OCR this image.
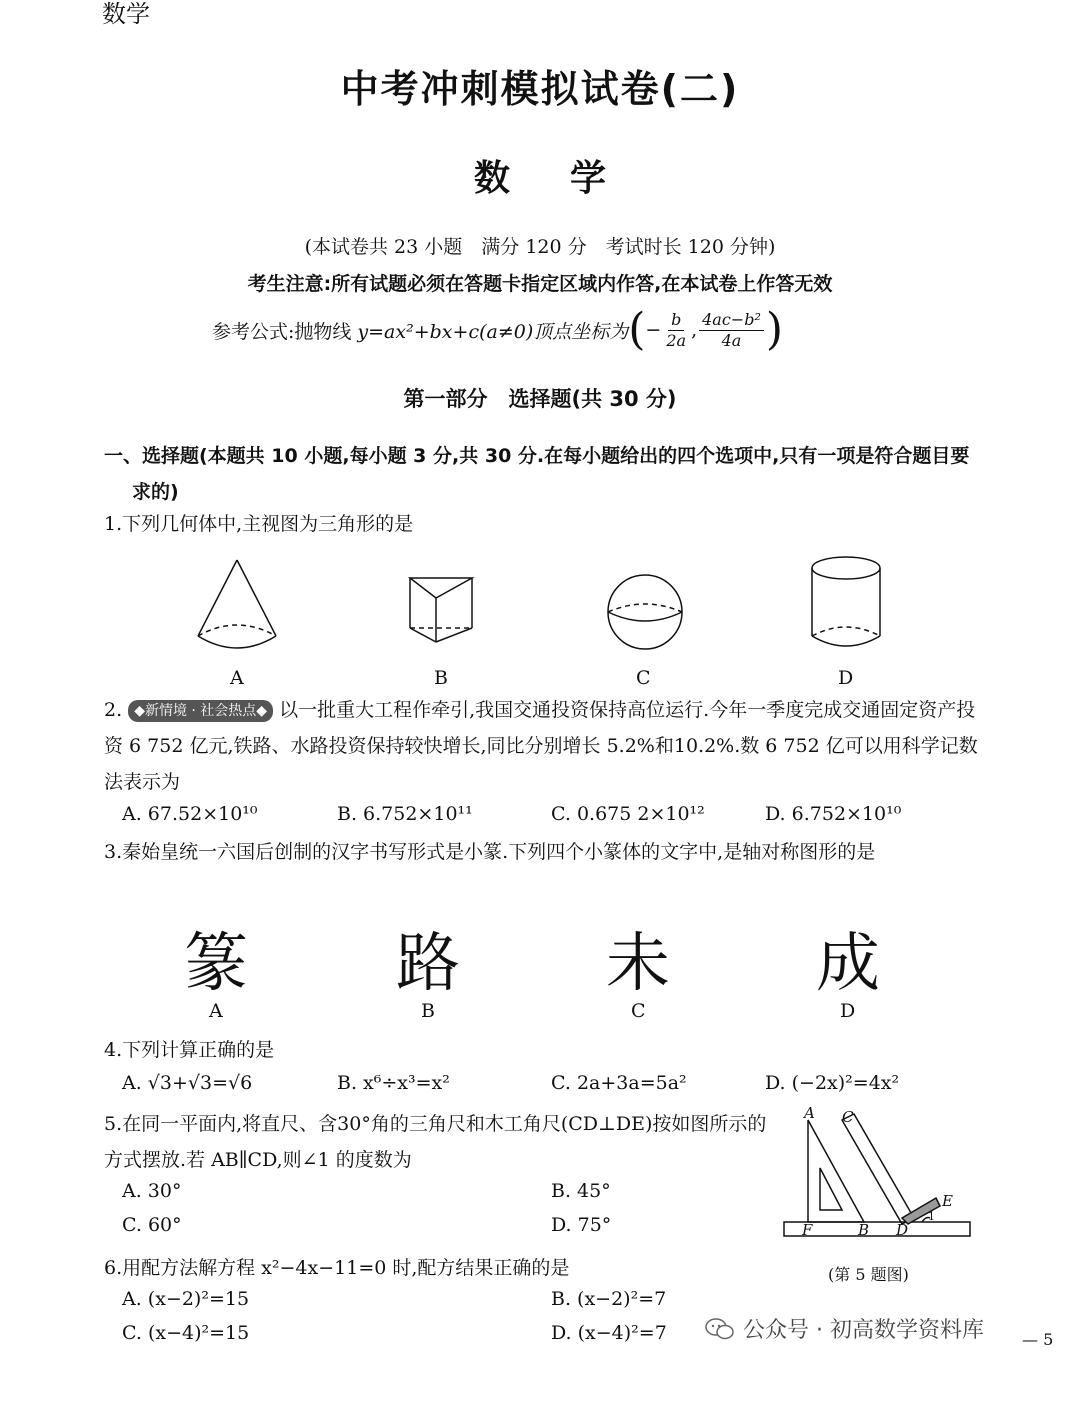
数学
中考冲刺模拟试卷(二)
数学
(本试卷共 23 小题　满分 120 分　考试时长 120 分钟)
考生注意:所有试题必须在答题卡指定区域内作答,在本试卷上作答无效
参考公式:抛物线 y=ax²+bx+c(a≠0)顶点坐标为 ( − $\frac{b}{2a}$ , $\frac{\text{4ac−b²}}{4a}$ )
第一部分　选择题(共 30 分)
一、选择题(本题共 10 小题,每小题 3 分,共 30 分.在每小题给出的四个选项中,只有一项是符合题目要求的)
1.下列几何体中,主视图为三角形的是
A	B	C	D
2. ◆新情境 · 社会热点◆ 以一批重大工程作牵引,我国交通投资保持高位运行.今年一季度完成交通固定资产投资 6 752 亿元,铁路、水路投资保持较快增长,同比分别增长 5.2%和10.2%.数 6 752 亿可以用科学记数法表示为
A. 67.52×10¹⁰	B. 6.752×10¹¹	C. 0.675 2×10¹²	D. 6.752×10¹⁰
3.秦始皇统一六国后创制的汉字书写形式是小篆.下列四个小篆体的文字中,是轴对称图形的是
篆 路 未 成
A	B	C	D
4.下列计算正确的是
A. √3+√3=√6	B. x⁶÷x³=x²	C. 2a+3a=5a²	D. (−2x)²=4x²
5.在同一平面内,将直尺、含30°角的三角尺和木工角尺(CD⊥DE)按如图所示的方式摆放.若 AB∥CD,则∠1 的度数为
A. 30°	B. 45°
C. 60°	D. 75°
A C
E
F	B D
1
(第 5 题图)
6.用配方法解方程 x²−4x−11=0 时,配方结果正确的是
A. (x−2)²=15	B. (x−2)²=7
C. (x−4)²=15	D. (x−4)²=7	公众号 · 初高数学资料库 — 5
